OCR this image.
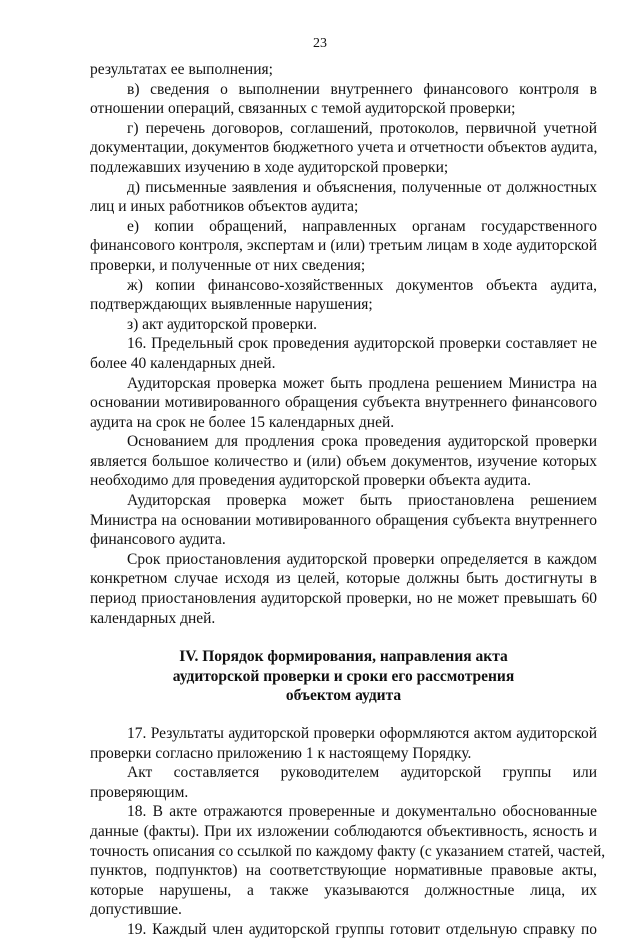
23
результатах ее выполнения;
в) сведения о выполнении внутреннего финансового контроля в
отношении операций, связанных с темой аудиторской проверки;
г) перечень договоров, соглашений, протоколов, первичной учетной
документации, документов бюджетного учета и отчетности объектов аудита,
подлежавших изучению в ходе аудиторской проверки;
д) письменные заявления и объяснения, полученные от должностных
лиц и иных работников объектов аудита;
е) копии обращений, направленных органам государственного
финансового контроля, экспертам и (или) третьим лицам в ходе аудиторской
проверки, и полученные от них сведения;
ж) копии финансово-хозяйственных документов объекта аудита,
подтверждающих выявленные нарушения;
з) акт аудиторской проверки.
16. Предельный срок проведения аудиторской проверки составляет не
более 40 календарных дней.
Аудиторская проверка может быть продлена решением Министра на
основании мотивированного обращения субъекта внутреннего финансового
аудита на срок не более 15 календарных дней.
Основанием для продления срока проведения аудиторской проверки
является большое количество и (или) объем документов, изучение которых
необходимо для проведения аудиторской проверки объекта аудита.
Аудиторская проверка может быть приостановлена решением
Министра на основании мотивированного обращения субъекта внутреннего
финансового аудита.
Срок приостановления аудиторской проверки определяется в каждом
конкретном случае исходя из целей, которые должны быть достигнуты в
период приостановления аудиторской проверки, но не может превышать 60
календарных дней.
IV. Порядок формирования, направления акта
аудиторской проверки и сроки его рассмотрения
объектом аудита
17. Результаты аудиторской проверки оформляются актом аудиторской
проверки согласно приложению 1 к настоящему Порядку.
Акт составляется руководителем аудиторской группы или
проверяющим.
18. В акте отражаются проверенные и документально обоснованные
данные (факты). При их изложении соблюдаются объективность, ясность и
точность описания со ссылкой по каждому факту (с указанием статей, частей,
пунктов, подпунктов) на соответствующие нормативные правовые акты,
которые нарушены, а также указываются должностные лица, их
допустившие.
19. Каждый член аудиторской группы готовит отдельную справку по
